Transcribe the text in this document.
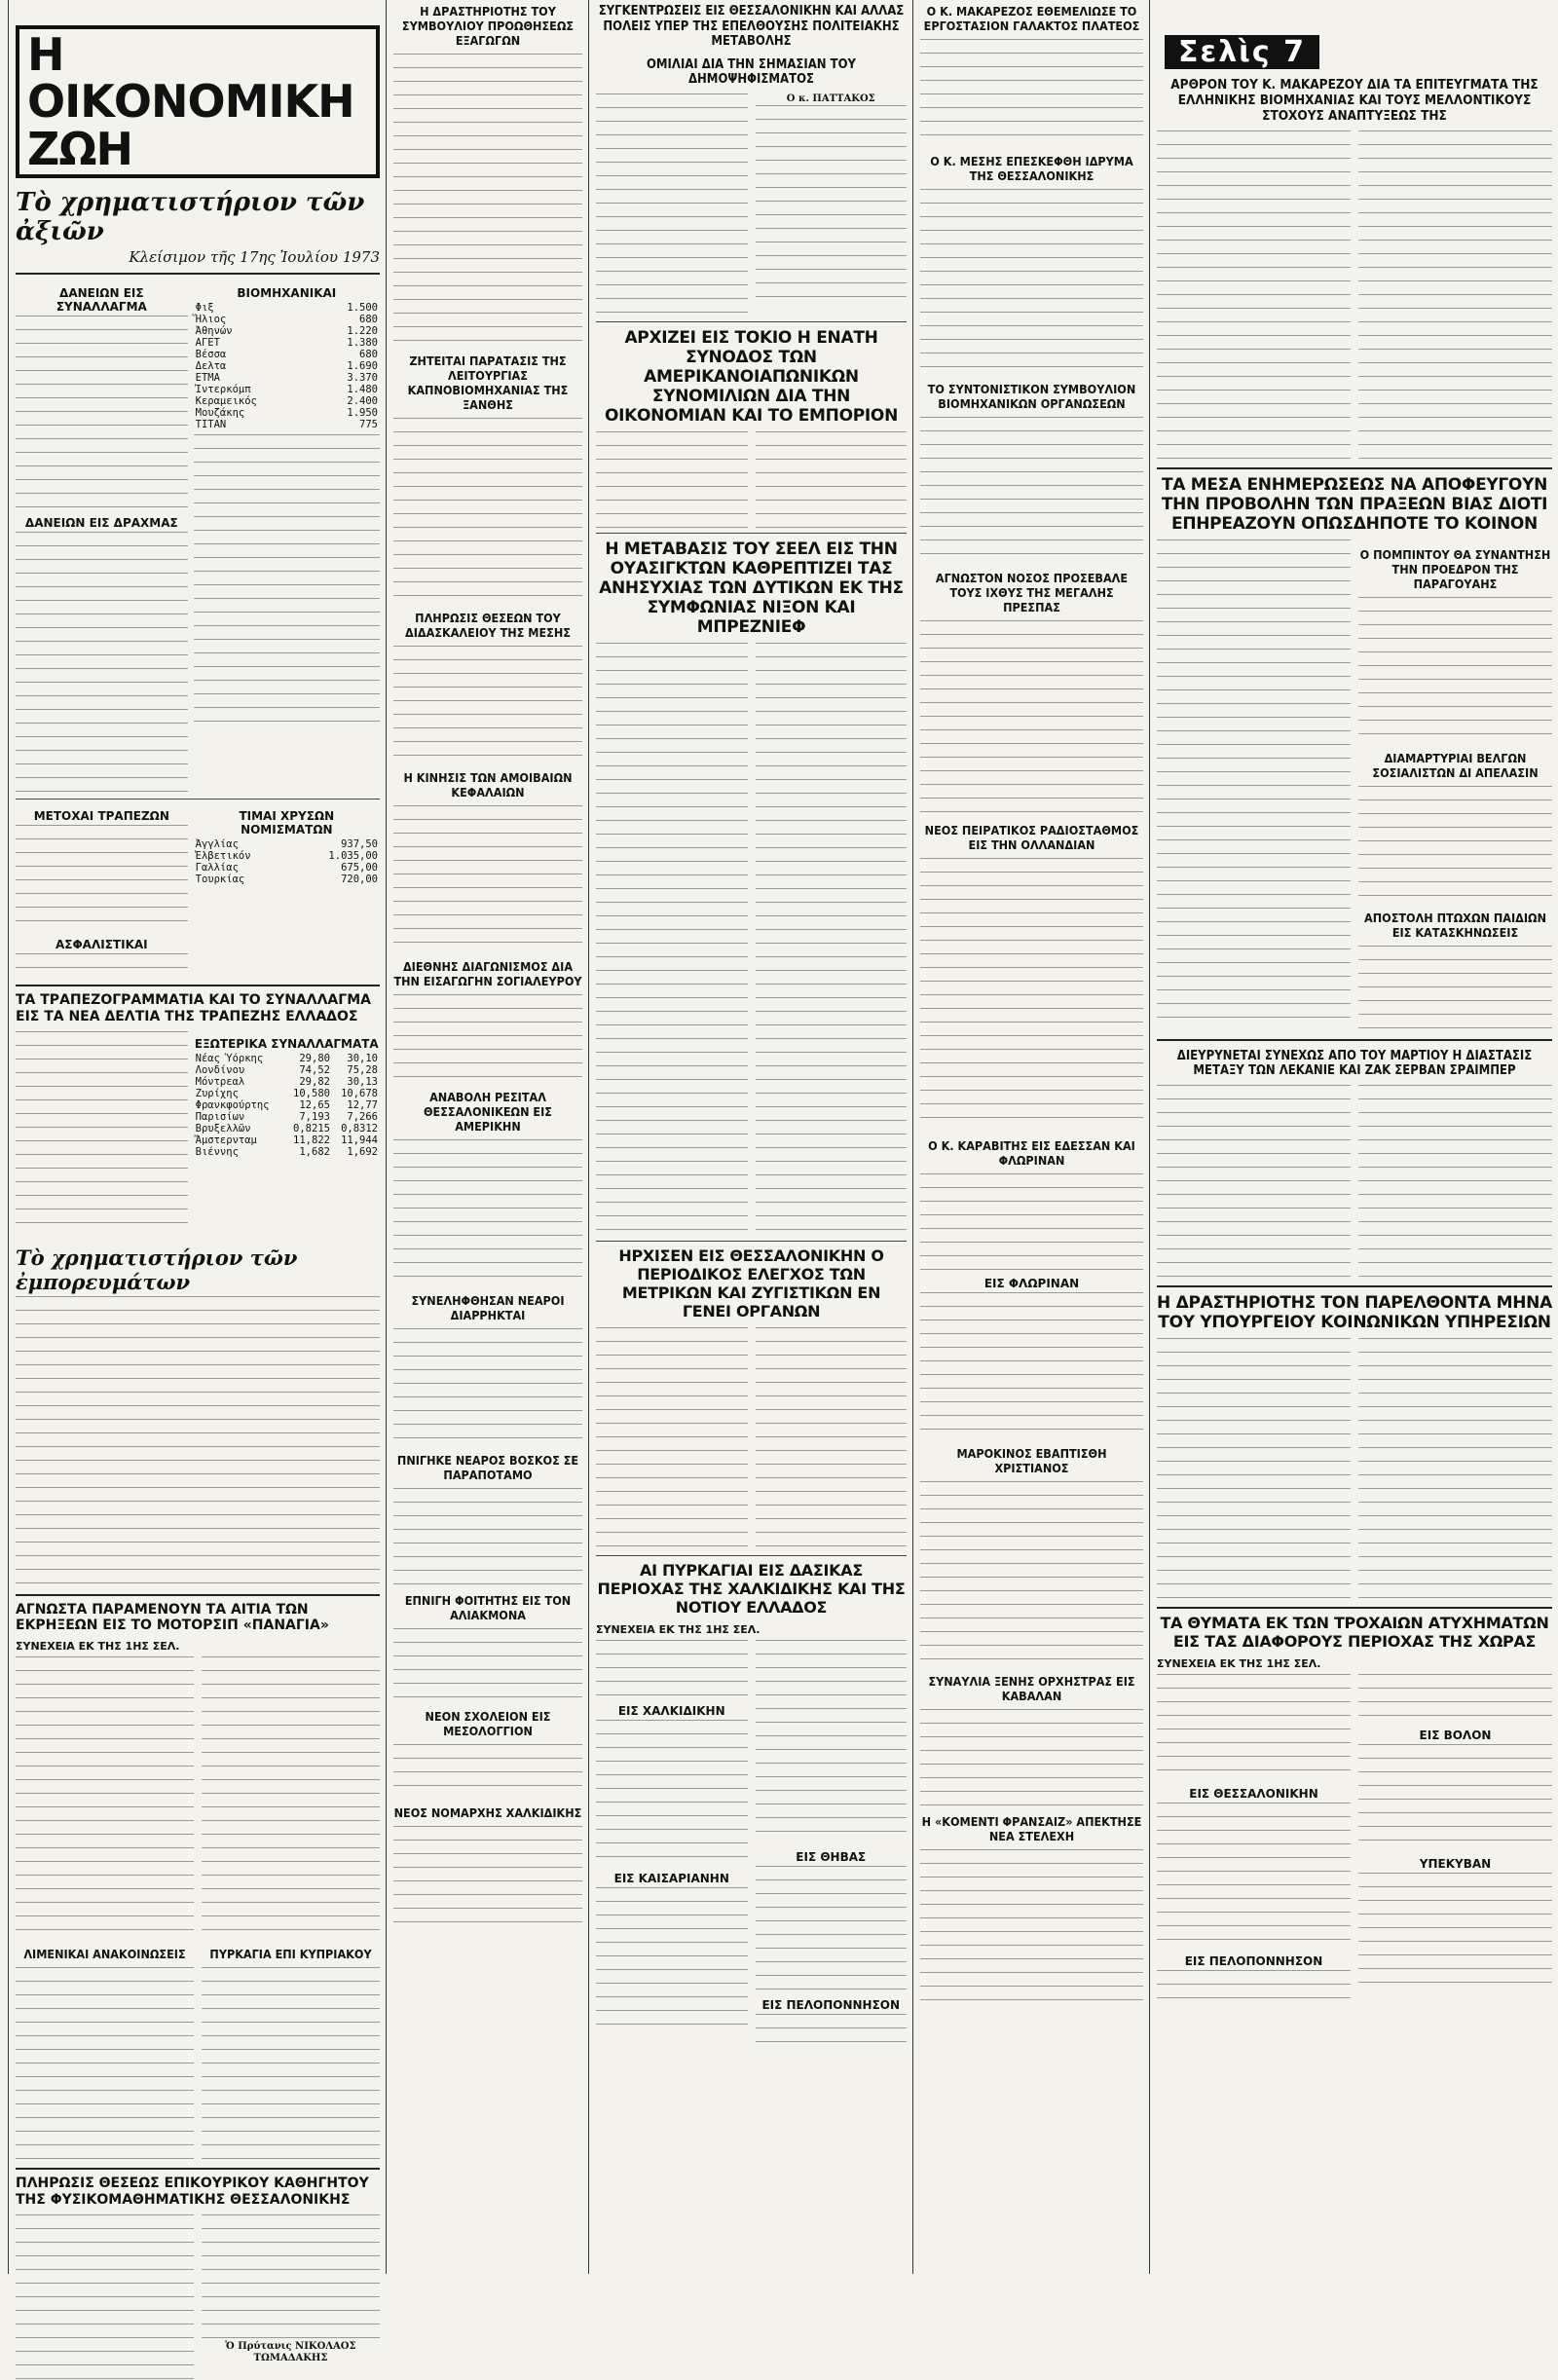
Η ΟΙΚΟΝΟΜΙΚΗ ΖΩΗ
Τὸ χρηματιστήριον τῶν ἀξιῶν
Κλείσιμον τῆς 17ης Ἰουλίου 1973
ΔΑΝΕΙΩΝ ΕΙΣ ΣΥΝΑΛΛΑΓΜΑ
ΔΑΝΕΙΩΝ ΕΙΣ ΔΡΑΧΜΑΣ
ΒΙΟΜΗΧΑΝΙΚΑΙ
Φιξ	1.500
Ἥλιος	680
Ἀθηνών	1.220
ΑΓΕΤ	1.380
Βέσσα	680
Δελτα	1.690
ΕΤΜΑ	3.370
Ἰντερκόμπ	1.480
Κεραμεικός	2.400
Μουζάκης	1.950
ΤΙΤΑΝ	775
ΜΕΤΟΧΑΙ ΤΡΑΠΕΖΩΝ
ΑΣΦΑΛΙΣΤΙΚΑΙ
ΤΙΜΑΙ ΧΡΥΣΩΝ ΝΟΜΙΣΜΑΤΩΝ
Ἀγγλίας	937,50
Ἐλβετικόν	1.035,00
Γαλλίας	675,00
Τουρκίας	720,00
ΤΑ ΤΡΑΠΕΖΟΓΡΑΜΜΑΤΙΑ ΚΑΙ ΤΟ ΣΥΝΑΛΛΑΓΜΑ ΕΙΣ ΤΑ ΝΕΑ ΔΕΛΤΙΑ ΤΗΣ ΤΡΑΠΕΖΗΣ ΕΛΛΑΔΟΣ
ΕΞΩΤΕΡΙΚΑ ΣΥΝΑΛΛΑΓΜΑΤΑ
Νέας Ὑόρκης	29,80	30,10
Λονδίνου	74,52	75,28
Μόντρεαλ	29,82	30,13
Ζυρίχης	10,580	10,678
Φρανκφούρτης	12,65	12,77
Παρισίων	7,193	7,266
Βρυξελλῶν	0,8215	0,8312
Ἄμστερνταμ	11,822	11,944
Βιέννης	1,682	1,692
Τὸ χρηματιστήριον τῶν ἐμπορευμάτων
ΑΓΝΩΣΤΑ ΠΑΡΑΜΕΝΟΥΝ ΤΑ ΑΙΤΙΑ ΤΩΝ ΕΚΡΗΞΕΩΝ ΕΙΣ ΤΟ ΜΟΤΟΡΣΙΠ «ΠΑΝΑΓΙΑ»
ΣΥΝΕΧΕΙΑ ΕΚ ΤΗΣ 1ΗΣ ΣΕΛ.
ΛΙΜΕΝΙΚΑΙ ΑΝΑΚΟΙΝΩΣΕΙΣ	ΠΥΡΚΑΓΙΑ ΕΠΙ ΚΥΠΡΙΑΚΟΥ
ΠΛΗΡΩΣΙΣ ΘΕΣΕΩΣ ΕΠΙΚΟΥΡΙΚΟΥ ΚΑΘΗΓΗΤΟΥ ΤΗΣ ΦΥΣΙΚΟΜΑΘΗΜΑΤΙΚΗΣ ΘΕΣΣΑΛΟΝΙΚΗΣ
Ὁ Πρύτανις ΝΙΚΟΛΑΟΣ ΤΩΜΑΔΑΚΗΣ
Η ΔΡΑΣΤΗΡΙΟΤΗΣ ΤΟΥ ΣΥΜΒΟΥΛΙΟΥ ΠΡΟΩΘΗΣΕΩΣ ΕΞΑΓΩΓΩΝ
ΖΗΤΕΙΤΑΙ ΠΑΡΑΤΑΣΙΣ ΤΗΣ ΛΕΙΤΟΥΡΓΙΑΣ ΚΑΠΝΟΒΙΟΜΗΧΑΝΙΑΣ ΤΗΣ ΞΑΝΘΗΣ
ΠΛΗΡΩΣΙΣ ΘΕΣΕΩΝ ΤΟΥ ΔΙΔΑΣΚΑΛΕΙΟΥ ΤΗΣ ΜΕΣΗΣ
Η ΚΙΝΗΣΙΣ ΤΩΝ ΑΜΟΙΒΑΙΩΝ ΚΕΦΑΛΑΙΩΝ
ΔΙΕΘΝΗΣ ΔΙΑΓΩΝΙΣΜΟΣ ΔΙΑ ΤΗΝ ΕΙΣΑΓΩΓΗΝ ΣΟΓΙΑΛΕΥΡΟΥ
ΑΝΑΒΟΛΗ ΡΕΣΙΤΑΛ ΘΕΣΣΑΛΟΝΙΚΕΩΝ ΕΙΣ ΑΜΕΡΙΚΗΝ
ΣΥΝΕΛΗΦΘΗΣΑΝ ΝΕΑΡΟΙ ΔΙΑΡΡΗΚΤΑΙ
ΠΝΙΓΗΚΕ ΝΕΑΡΟΣ ΒΟΣΚΟΣ ΣΕ ΠΑΡΑΠΟΤΑΜΟ
ΕΠΝΙΓΗ ΦΟΙΤΗΤΗΣ ΕΙΣ ΤΟΝ ΑΛΙΑΚΜΟΝΑ
ΝΕΟΝ ΣΧΟΛΕΙΟΝ ΕΙΣ ΜΕΣΟΛΟΓΓΙΟΝ
ΝΕΟΣ ΝΟΜΑΡΧΗΣ ΧΑΛΚΙΔΙΚΗΣ
ΣΥΓΚΕΝΤΡΩΣΕΙΣ ΕΙΣ ΘΕΣΣΑΛΟΝΙΚΗΝ ΚΑΙ ΑΛΛΑΣ ΠΟΛΕΙΣ ΥΠΕΡ ΤΗΣ ΕΠΕΛΘΟΥΣΗΣ ΠΟΛΙΤΕΙΑΚΗΣ ΜΕΤΑΒΟΛΗΣ
ΟΜΙΛΙΑΙ ΔΙΑ ΤΗΝ ΣΗΜΑΣΙΑΝ ΤΟΥ ΔΗΜΟΨΗΦΙΣΜΑΤΟΣ
Ο κ. ΠΑΤΤΑΚΟΣ
ΑΡΧΙΖΕΙ ΕΙΣ ΤΟΚΙΟ Η ΕΝΑΤΗ ΣΥΝΟΔΟΣ ΤΩΝ ΑΜΕΡΙΚΑΝΟΙΑΠΩΝΙΚΩΝ ΣΥΝΟΜΙΛΙΩΝ ΔΙΑ ΤΗΝ ΟΙΚΟΝΟΜΙΑΝ ΚΑΙ ΤΟ ΕΜΠΟΡΙΟΝ
Η ΜΕΤΑΒΑΣΙΣ ΤΟΥ ΣΕΕΛ ΕΙΣ ΤΗΝ ΟΥΑΣΙΓΚΤΩΝ ΚΑΘΡΕΠΤΙΖΕΙ ΤΑΣ ΑΝΗΣΥΧΙΑΣ ΤΩΝ ΔΥΤΙΚΩΝ ΕΚ ΤΗΣ ΣΥΜΦΩΝΙΑΣ ΝΙΞΟΝ ΚΑΙ ΜΠΡΕΖΝΙΕΦ
ΗΡΧΙΣΕΝ ΕΙΣ ΘΕΣΣΑΛΟΝΙΚΗΝ Ο ΠΕΡΙΟΔΙΚΟΣ ΕΛΕΓΧΟΣ ΤΩΝ ΜΕΤΡΙΚΩΝ ΚΑΙ ΖΥΓΙΣΤΙΚΩΝ ΕΝ ΓΕΝΕΙ ΟΡΓΑΝΩΝ
ΑΙ ΠΥΡΚΑΓΙΑΙ ΕΙΣ ΔΑΣΙΚΑΣ ΠΕΡΙΟΧΑΣ ΤΗΣ ΧΑΛΚΙΔΙΚΗΣ ΚΑΙ ΤΗΣ ΝΟΤΙΟΥ ΕΛΛΑΔΟΣ
ΣΥΝΕΧΕΙΑ ΕΚ ΤΗΣ 1ΗΣ ΣΕΛ.
ΕΙΣ ΧΑΛΚΙΔΙΚΗΝ
ΕΙΣ ΚΑΙΣΑΡΙΑΝΗΝ
ΕΙΣ ΘΗΒΑΣ
ΕΙΣ ΠΕΛΟΠΟΝΝΗΣΟΝ
Ο Κ. ΜΑΚΑΡΕΖΟΣ ΕΘΕΜΕΛΙΩΣΕ ΤΟ ΕΡΓΟΣΤΑΣΙΟΝ ΓΑΛΑΚΤΟΣ ΠΛΑΤΕΟΣ
Ο Κ. ΜΕΣΗΣ ΕΠΕΣΚΕΦΘΗ ΙΔΡΥΜΑ ΤΗΣ ΘΕΣΣΑΛΟΝΙΚΗΣ
ΤΟ ΣΥΝΤΟΝΙΣΤΙΚΟΝ ΣΥΜΒΟΥΛΙΟΝ ΒΙΟΜΗΧΑΝΙΚΩΝ ΟΡΓΑΝΩΣΕΩΝ
ΑΓΝΩΣΤΟΝ ΝΟΣΟΣ ΠΡΟΣΕΒΑΛΕ ΤΟΥΣ ΙΧΘΥΣ ΤΗΣ ΜΕΓΑΛΗΣ ΠΡΕΣΠΑΣ
ΝΕΟΣ ΠΕΙΡΑΤΙΚΟΣ ΡΑΔΙΟΣΤΑΘΜΟΣ ΕΙΣ ΤΗΝ ΟΛΛΑΝΔΙΑΝ
Ο Κ. ΚΑΡΑΒΙΤΗΣ ΕΙΣ ΕΔΕΣΣΑΝ ΚΑΙ ΦΛΩΡΙΝΑΝ
ΕΙΣ ΦΛΩΡΙΝΑΝ
ΜΑΡΟΚΙΝΟΣ ΕΒΑΠΤΙΣΘΗ ΧΡΙΣΤΙΑΝΟΣ
ΣΥΝΑΥΛΙΑ ΞΕΝΗΣ ΟΡΧΗΣΤΡΑΣ ΕΙΣ ΚΑΒΑΛΑΝ
Η «ΚΟΜΕΝΤΙ ΦΡΑΝΣΑΙΖ» ΑΠΕΚΤΗΣΕ ΝΕΑ ΣΤΕΛΕΧΗ
Σελὶς 7
ΑΡΘΡΟΝ ΤΟΥ Κ. ΜΑΚΑΡΕΖΟΥ ΔΙΑ ΤΑ ΕΠΙΤΕΥΓΜΑΤΑ ΤΗΣ ΕΛΛΗΝΙΚΗΣ ΒΙΟΜΗΧΑΝΙΑΣ ΚΑΙ ΤΟΥΣ ΜΕΛΛΟΝΤΙΚΟΥΣ ΣΤΟΧΟΥΣ ΑΝΑΠΤΥΞΕΩΣ ΤΗΣ
ΤΑ ΜΕΣΑ ΕΝΗΜΕΡΩΣΕΩΣ ΝΑ ΑΠΟΦΕΥΓΟΥΝ ΤΗΝ ΠΡΟΒΟΛΗΝ ΤΩΝ ΠΡΑΞΕΩΝ ΒΙΑΣ ΔΙΟΤΙ ΕΠΗΡΕΑΖΟΥΝ ΟΠΩΣΔΗΠΟΤΕ ΤΟ ΚΟΙΝΟΝ
Ο ΠΟΜΠΙΝΤΟΥ ΘΑ ΣΥΝΑΝΤΗΣΗ ΤΗΝ ΠΡΟΕΔΡΟΝ ΤΗΣ ΠΑΡΑΓΟΥΑΗΣ
ΔΙΑΜΑΡΤΥΡΙΑΙ ΒΕΛΓΩΝ ΣΟΣΙΑΛΙΣΤΩΝ ΔΙ ΑΠΕΛΑΣΙΝ
ΑΠΟΣΤΟΛΗ ΠΤΩΧΩΝ ΠΑΙΔΙΩΝ ΕΙΣ ΚΑΤΑΣΚΗΝΩΣΕΙΣ
ΔΙΕΥΡΥΝΕΤΑΙ ΣΥΝΕΧΩΣ ΑΠΟ ΤΟΥ ΜΑΡΤΙΟΥ Η ΔΙΑΣΤΑΣΙΣ ΜΕΤΑΞΥ ΤΩΝ ΛΕΚΑΝΙΕ ΚΑΙ ΖΑΚ ΣΕΡΒΑΝ ΣΡΑΙΜΠΕΡ
Η ΔΡΑΣΤΗΡΙΟΤΗΣ ΤΟΝ ΠΑΡΕΛΘΟΝΤΑ ΜΗΝΑ ΤΟΥ ΥΠΟΥΡΓΕΙΟΥ ΚΟΙΝΩΝΙΚΩΝ ΥΠΗΡΕΣΙΩΝ
ΤΑ ΘΥΜΑΤΑ ΕΚ ΤΩΝ ΤΡΟΧΑΙΩΝ ΑΤΥΧΗΜΑΤΩΝ ΕΙΣ ΤΑΣ ΔΙΑΦΟΡΟΥΣ ΠΕΡΙΟΧΑΣ ΤΗΣ ΧΩΡΑΣ
ΣΥΝΕΧΕΙΑ ΕΚ ΤΗΣ 1ΗΣ ΣΕΛ.
ΕΙΣ ΘΕΣΣΑΛΟΝΙΚΗΝ
ΕΙΣ ΠΕΛΟΠΟΝΝΗΣΟΝ
ΕΙΣ ΒΟΛΟΝ
ΥΠΕΚΥΒΑΝ
